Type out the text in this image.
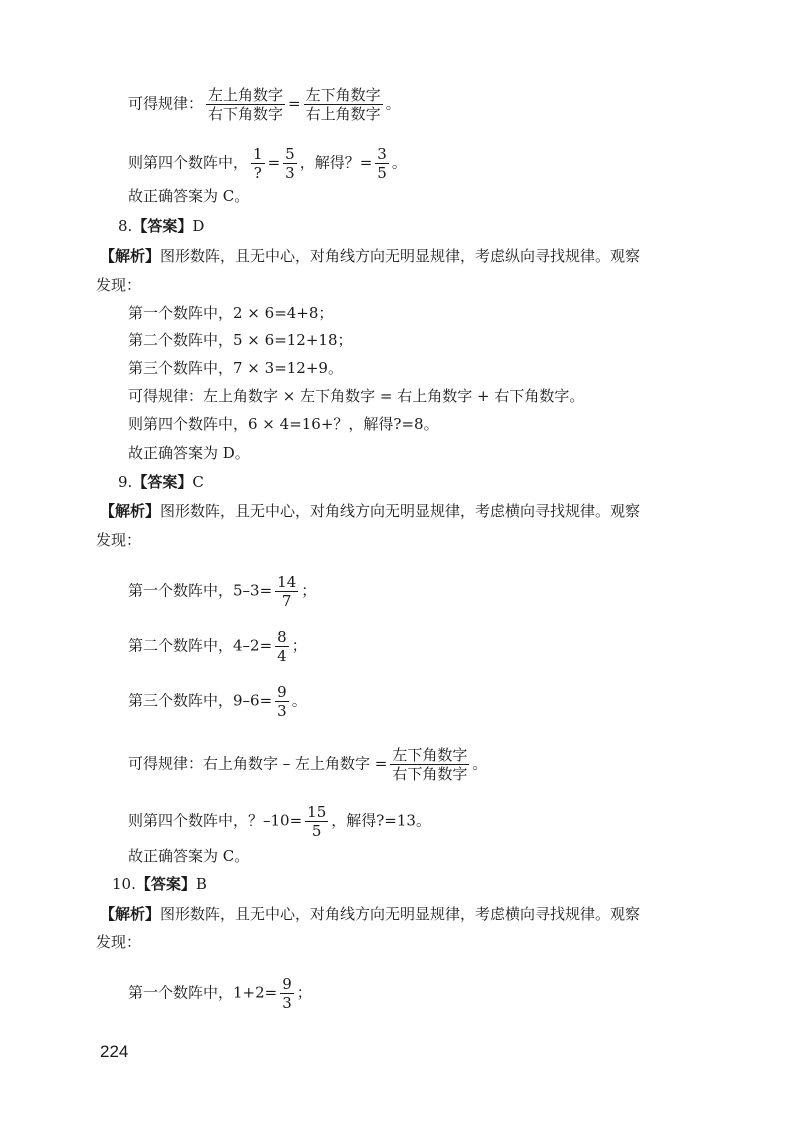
可得规律： $\frac{\text{左上角数字}}{\text{右下角数字}} = \frac{\text{左下角数字}}{\text{右上角数字}}$ 。
则第四个数阵中， $\frac{1}{?} = \frac{5}{3}$ ，解得？= $\frac{3}{5}$ 。
故正确答案为 C。
8.【答案】D
【解析】图形数阵，且无中心，对角线方向无明显规律，考虑纵向寻找规律。观察
发现：
第一个数阵中，2 × 6=4+8；
第二个数阵中，5 × 6=12+18；
第三个数阵中，7 × 3=12+9。
可得规律：左上角数字 × 左下角数字 = 右上角数字 + 右下角数字。
则第四个数阵中，6 × 4=16+？，解得?=8。
故正确答案为 D。
9.【答案】C
【解析】图形数阵，且无中心，对角线方向无明显规律，考虑横向寻找规律。观察
发现：
第一个数阵中，$5-3= \frac{14}{7}$ ；
第二个数阵中，$4-2= \frac{8}{4}$ ；
第三个数阵中，$9-6= \frac{9}{3}$ 。
可得规律：右上角数字 – 左上角数字 = $\frac{\text{左下角数字}}{\text{右下角数字}}$ 。
则第四个数阵中，？$-10= \frac{15}{5}$ ，解得?=13。
故正确答案为 C。
10.【答案】B
【解析】图形数阵，且无中心，对角线方向无明显规律，考虑横向寻找规律。观察
发现：
第一个数阵中，$1+2= \frac{9}{3}$ ；
224
